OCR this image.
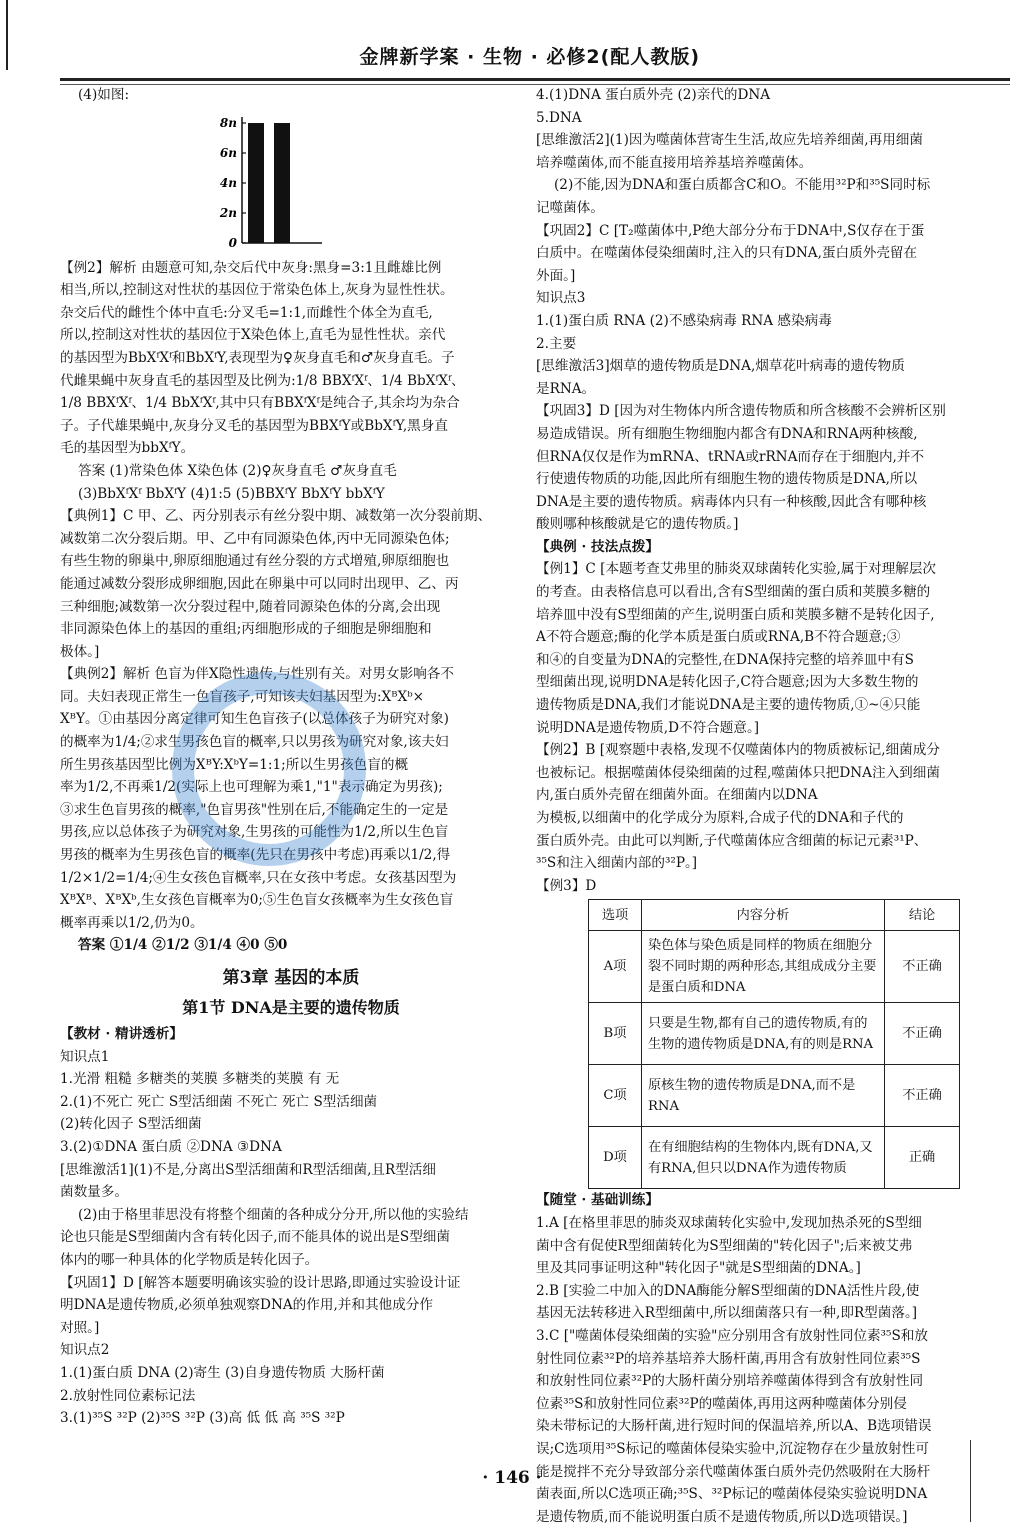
金牌新学案 · 生物 · 必修2(配人教版)

(4)如图:

0
2n
4n
6n
8n

【例2】解析 由题意可知,杂交后代中灰身:黑身=3:1且雌雄比例

相当,所以,控制这对性状的基因位于常染色体上,灰身为显性性状。

杂交后代的雌性个体中直毛:分叉毛=1:1,而雌性个体全为直毛,

所以,控制这对性状的基因位于X染色体上,直毛为显性性状。亲代

的基因型为BbXᶠXᶠ和BbXᶠY,表现型为♀灰身直毛和♂灰身直毛。子

代雌果蝇中灰身直毛的基因型及比例为:1/8 BBXᶠXᶠ、1/4 BbXᶠXᶠ、

1/8 BBXᶠXᶠ、1/4 BbXᶠXᶠ,其中只有BBXᶠXᶠ是纯合子,其余均为杂合

子。子代雄果蝇中,灰身分叉毛的基因型为BBXᶠY或BbXᶠY,黑身直

毛的基因型为bbXᶠY。

答案 (1)常染色体 X染色体 (2)♀灰身直毛 ♂灰身直毛

(3)BbXᶠXᶠ BbXᶠY (4)1:5 (5)BBXᶠY BbXᶠY bbXᶠY

【典例1】C 甲、乙、丙分别表示有丝分裂中期、减数第一次分裂前期、

减数第二次分裂后期。甲、乙中有同源染色体,丙中无同源染色体;

有些生物的卵巢中,卵原细胞通过有丝分裂的方式增殖,卵原细胞也

能通过减数分裂形成卵细胞,因此在卵巢中可以同时出现甲、乙、丙

三种细胞;减数第一次分裂过程中,随着同源染色体的分离,会出现

非同源染色体上的基因的重组;丙细胞形成的子细胞是卵细胞和

极体。]

【典例2】解析 色盲为伴X隐性遗传,与性别有关。对男女影响各不

同。夫妇表现正常生一色盲孩子,可知该夫妇基因型为:XᴮXᵇ×

XᴮY。①由基因分离定律可知生色盲孩子(以总体孩子为研究对象)

的概率为1/4;②求生男孩色盲的概率,只以男孩为研究对象,该夫妇

所生男孩基因型比例为XᴮY:XᵇY=1:1;所以生男孩色盲的概

率为1/2,不再乘1/2(实际上也可理解为乘1,"1"表示确定为男孩);

③求生色盲男孩的概率,"色盲男孩"性别在后,不能确定生的一定是

男孩,应以总体孩子为研究对象,生男孩的可能性为1/2,所以生色盲

男孩的概率为生男孩色盲的概率(先只在男孩中考虑)再乘以1/2,得

1/2×1/2=1/4;④生女孩色盲概率,只在女孩中考虑。女孩基因型为

XᴮXᴮ、XᴮXᵇ,生女孩色盲概率为0;⑤生色盲女孩概率为生女孩色盲

概率再乘以1/2,仍为0。

答案 ①1/4 ②1/2 ③1/4 ④0 ⑤0

第3章 基因的本质

第1节 DNA是主要的遗传物质

【教材 · 精讲透析】

知识点1

1.光滑 粗糙 多糖类的荚膜 多糖类的荚膜 有 无

2.(1)不死亡 死亡 S型活细菌 不死亡 死亡 S型活细菌

(2)转化因子 S型活细菌

3.(2)①DNA 蛋白质 ②DNA ③DNA

[思维激活1](1)不是,分离出S型活细菌和R型活细菌,且R型活细

菌数量多。

(2)由于格里菲思没有将整个细菌的各种成分分开,所以他的实验结

论也只能是S型细菌内含有转化因子,而不能具体的说出是S型细菌

体内的哪一种具体的化学物质是转化因子。

【巩固1】D [解答本题要明确该实验的设计思路,即通过实验设计证

明DNA是遗传物质,必须单独观察DNA的作用,并和其他成分作

对照。]

知识点2

1.(1)蛋白质 DNA (2)寄生 (3)自身遗传物质 大肠杆菌

2.放射性同位素标记法

3.(1)³⁵S ³²P (2)³⁵S ³²P (3)高 低 低 高 ³⁵S ³²P

4.(1)DNA 蛋白质外壳 (2)亲代的DNA

5.DNA

[思维激活2](1)因为噬菌体营寄生生活,故应先培养细菌,再用细菌

培养噬菌体,而不能直接用培养基培养噬菌体。

(2)不能,因为DNA和蛋白质都含C和O。不能用³²P和³⁵S同时标

记噬菌体。

【巩固2】C [T₂噬菌体中,P绝大部分分布于DNA中,S仅存在于蛋

白质中。在噬菌体侵染细菌时,注入的只有DNA,蛋白质外壳留在

外面。]

知识点3

1.(1)蛋白质 RNA (2)不感染病毒 RNA 感染病毒

2.主要

[思维激活3]烟草的遗传物质是DNA,烟草花叶病毒的遗传物质

是RNA。

【巩固3】D [因为对生物体内所含遗传物质和所含核酸不会辨析区别

易造成错误。所有细胞生物细胞内都含有DNA和RNA两种核酸,

但RNA仅仅是作为mRNA、tRNA或rRNA而存在于细胞内,并不

行使遗传物质的功能,因此所有细胞生物的遗传物质是DNA,所以

DNA是主要的遗传物质。病毒体内只有一种核酸,因此含有哪种核

酸则哪种核酸就是它的遗传物质。]

【典例 · 技法点拨】

【例1】C [本题考查艾弗里的肺炎双球菌转化实验,属于对理解层次

的考查。由表格信息可以看出,含有S型细菌的蛋白质和荚膜多糖的

培养皿中没有S型细菌的产生,说明蛋白质和荚膜多糖不是转化因子,

A不符合题意;酶的化学本质是蛋白质或RNA,B不符合题意;③

和④的自变量为DNA的完整性,在DNA保持完整的培养皿中有S

型细菌出现,说明DNA是转化因子,C符合题意;因为大多数生物的

遗传物质是DNA,我们才能说DNA是主要的遗传物质,①~④只能

说明DNA是遗传物质,D不符合题意。]

【例2】B [观察题中表格,发现不仅噬菌体内的物质被标记,细菌成分

也被标记。根据噬菌体侵染细菌的过程,噬菌体只把DNA注入到细菌

内,蛋白质外壳留在细菌外面。在细菌内以DNA

为模板,以细菌中的化学成分为原料,合成子代的DNA和子代的

蛋白质外壳。由此可以判断,子代噬菌体应含细菌的标记元素³¹P、

³⁵S和注入细菌内部的³²P。]

【例3】D

选项	内容分析	结论
A项	染色体与染色质是同样的物质在细胞分裂不同时期的两种形态,其组成成分主要是蛋白质和DNA	不正确
B项	只要是生物,都有自己的遗传物质,有的生物的遗传物质是DNA,有的则是RNA	不正确
C项	原核生物的遗传物质是DNA,而不是RNA	不正确
D项	在有细胞结构的生物体内,既有DNA,又有RNA,但只以DNA作为遗传物质	正确

【随堂 · 基础训练】

1.A [在格里菲思的肺炎双球菌转化实验中,发现加热杀死的S型细

菌中含有促使R型细菌转化为S型细菌的"转化因子";后来被艾弗

里及其同事证明这种"转化因子"就是S型细菌的DNA。]

2.B [实验二中加入的DNA酶能分解S型细菌的DNA活性片段,使

基因无法转移进入R型细菌中,所以细菌落只有一种,即R型菌落。]

3.C ["噬菌体侵染细菌的实验"应分别用含有放射性同位素³⁵S和放

射性同位素³²P的培养基培养大肠杆菌,再用含有放射性同位素³⁵S

和放射性同位素³²P的大肠杆菌分别培养噬菌体得到含有放射性同

位素³⁵S和放射性同位素³²P的噬菌体,再用这两种噬菌体分别侵

染未带标记的大肠杆菌,进行短时间的保温培养,所以A、B选项错误

误;C选项用³⁵S标记的噬菌体侵染实验中,沉淀物存在少量放射性可

能是搅拌不充分导致部分亲代噬菌体蛋白质外壳仍然吸附在大肠杆

菌表面,所以C选项正确;³⁵S、³²P标记的噬菌体侵染实验说明DNA

是遗传物质,而不能说明蛋白质不是遗传物质,所以D选项错误。]

· 146 ·
